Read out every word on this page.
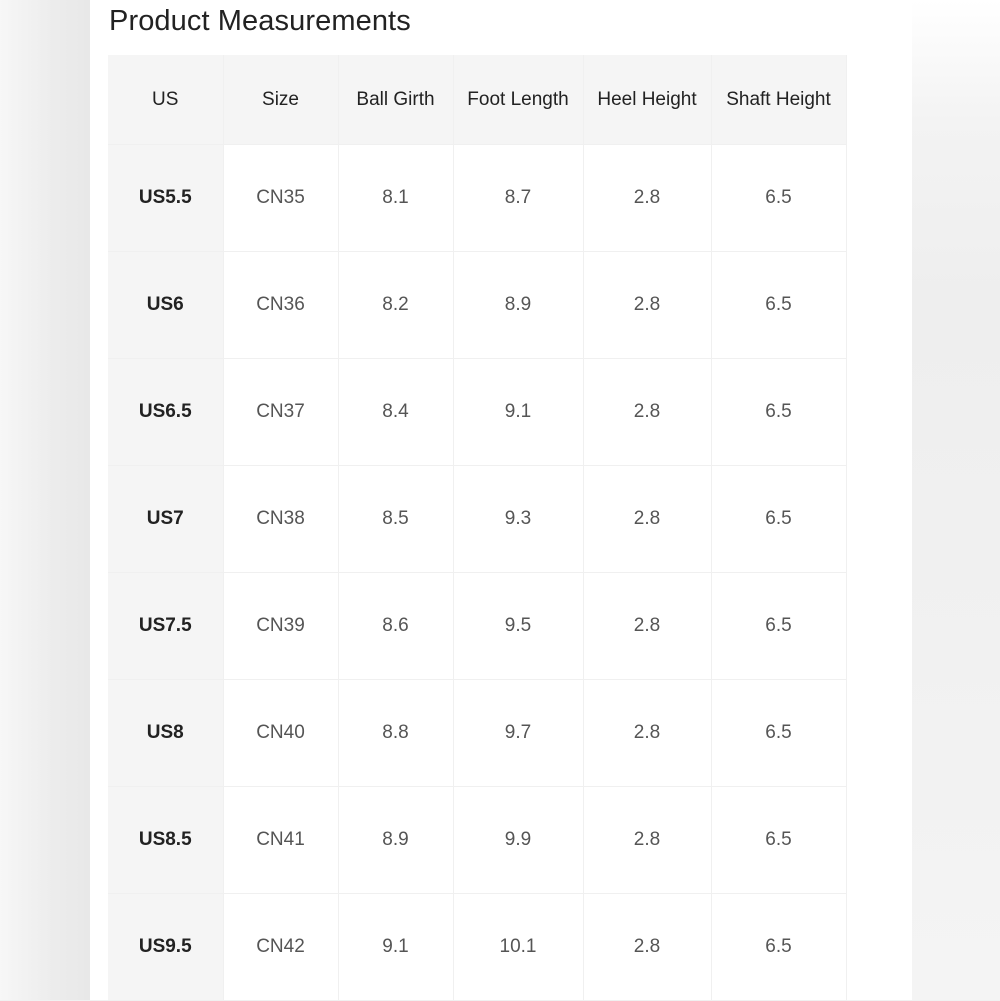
Product Measurements
US	Size	Ball Girth	Foot Length	Heel Height	Shaft Height
US5.5	CN35	8.1	8.7	2.8	6.5
US6	CN36	8.2	8.9	2.8	6.5
US6.5	CN37	8.4	9.1	2.8	6.5
US7	CN38	8.5	9.3	2.8	6.5
US7.5	CN39	8.6	9.5	2.8	6.5
US8	CN40	8.8	9.7	2.8	6.5
US8.5	CN41	8.9	9.9	2.8	6.5
US9.5	CN42	9.1	10.1	2.8	6.5
